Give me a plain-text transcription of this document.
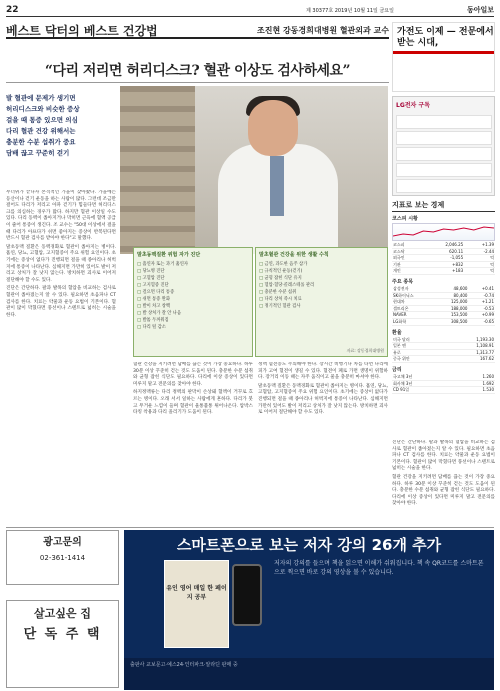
22	제 30377호 2019년 10월 11일 금요일	동아일보
베스트 닥터의 베스트 건강법	조진현 강동경희대병원 혈관외과 교수
“다리 저리면 허리디스크? 혈관 이상도 검사하세요”
발 혈관에 문제가 생기면
허리디스크와 비슷한 증상
걸을 때 통증 있으면 의심
다리 혈관 건강 위해서는
충분한 수분 섭취가 중요
담배 끊고 꾸준히 걷기

무더위가 끝나자 본격적인 가을이 찾아왔다. 가을에는 등산이나 걷기 운동을 하는 사람이 많다. 그런데 조금만 걸어도 다리가 저리고 아파 걷기가 힘들다면 허리디스크를 의심하는 경우가 많다. 하지만 혈관 이상일 수도 있다. 다리 동맥이 좁아지거나 막히면 근육에 혈액 공급이 줄어 통증이 생긴다. 조 교수는 "50대 이상에서 걸을 때 다리가 아프다가 쉬면 좋아지는 증상이 반복된다면 반드시 혈관 검사를 받아야 한다"고 말했다.

말초동맥 질환은 동맥경화로 혈관이 좁아지는 병이다. 흡연, 당뇨, 고혈압, 고지혈증이 주요 위험 요인이다. 초기에는 증상이 없다가 진행되면 걸을 때 종아리나 허벅지에 통증이 나타난다. 심해지면 가만히 있어도 발이 저리고 상처가 잘 낫지 않는다. 방치하면 괴사로 이어져 절단해야 할 수도 있다.

진단은 간단하다. 팔과 발목의 혈압을 비교하는 검사로 혈관이 좁아졌는지 알 수 있다. 필요하면 초음파나 CT 검사를 한다. 치료는 약물과 운동 요법이 기본이다. 혈관이 많이 막혔다면 풍선이나 스텐트로 넓히는 시술을 한다.

말초동맥질환 위험 자가 진단
□ 흡연자 또는 과거 흡연자
□ 당뇨병 진단
□ 고혈압 진단
□ 고지혈증 진단
□ 걸으면 다리 통증
□ 쉬면 통증 완화
□ 발이 차고 창백
□ 발 상처가 잘 안 나음
□ 발톱 두꺼워짐
□ 다리 털 감소
말초혈관 건강을 위한 생활 수칙
□ 금연, 과도한 음주 삼가
□ 규칙적인 운동(걷기)
□ 균형 잡힌 식단 유지
□ 혈압·혈당·콜레스테롤 관리
□ 충분한 수분 섭취
□ 다리 상처 즉시 치료
□ 정기적인 혈관 검사
자료: 강동경희대병원

혈관 건강을 지키려면 담배를 끊는 것이 가장 중요하다. 하루 30분 이상 꾸준히 걷는 것도 도움이 된다. 충분한 수분 섭취와 균형 잡힌 식단도 필요하다. 다리에 이상 증상이 있다면 미루지 말고 전문의를 찾아야 한다.

하지정맥류는 다리 정맥의 판막이 손상돼 혈액이 거꾸로 흐르는 병이다. 오래 서서 일하는 사람에게 흔하다. 다리가 붓고 무거운 느낌이 들며 혈관이 울퉁불퉁 튀어나온다. 압박스타킹 착용과 다리 올리기가 도움이 된다.

정맥 혈전증도 주의해야 한다. 장시간 비행기나 차를 타면 다리에 피가 고여 혈전이 생길 수 있다. 혈전이 폐로 가면 생명이 위험하다. 장거리 이동 때는 자주 움직이고 물을 충분히 마셔야 한다.

말초동맥 질환은 동맥경화로 혈관이 좁아지는 병이다. 흡연, 당뇨, 고혈압, 고지혈증이 주요 위험 요인이다. 초기에는 증상이 없다가 진행되면 걸을 때 종아리나 허벅지에 통증이 나타난다. 심해지면 가만히 있어도 발이 저리고 상처가 잘 낫지 않는다. 방치하면 괴사로 이어져 절단해야 할 수도 있다.

가전도 이제 — 전문에서 받는 시대,
LG전자 구독
지표로 보는 경제
코스피 시황
코스피	2,046.25	+1.39
코스닥	620.11	-2.44
외국인	-1,055	억
기관	+832	억
개인	+183	억
주요 종목
삼성전자	48,600	+0.41
SK하이닉스	80,400	-0.74
현대차	125,000	+1.21
셀트리온	188,000	-0.53
NAVER	153,500	+0.99
LG화학	308,500	-0.65
환율
미국 달러	1,193.30
일본 엔	1,108.91
유로	1,313.77
중국 위안	167.62
금리
국고채 3년	1.260
회사채 3년	1.692
CD 91일	1.530

진단은 간단하다. 팔과 발목의 혈압을 비교하는 검사로 혈관이 좁아졌는지 알 수 있다. 필요하면 초음파나 CT 검사를 한다. 치료는 약물과 운동 요법이 기본이다. 혈관이 많이 막혔다면 풍선이나 스텐트로 넓히는 시술을 한다.

혈관 건강을 지키려면 담배를 끊는 것이 가장 중요하다. 하루 30분 이상 꾸준히 걷는 것도 도움이 된다. 충분한 수분 섭취와 균형 잡힌 식단도 필요하다. 다리에 이상 증상이 있다면 미루지 말고 전문의를 찾아야 한다.

광고문의
02-361-1414
살고싶은 집
단 독 주 택
스마트폰으로 보는 저자 강의 26개 추가
유인 영어 매일 한 페이지 공부
저자의 강의를 들으며 책을 읽으면 이해가 쉬워집니다. 책 속 QR코드를 스마트폰으로 찍으면 바로 강의 영상을 볼 수 있습니다.
출판사 교보문고·예스24·인터파크·알라딘 판매 중
